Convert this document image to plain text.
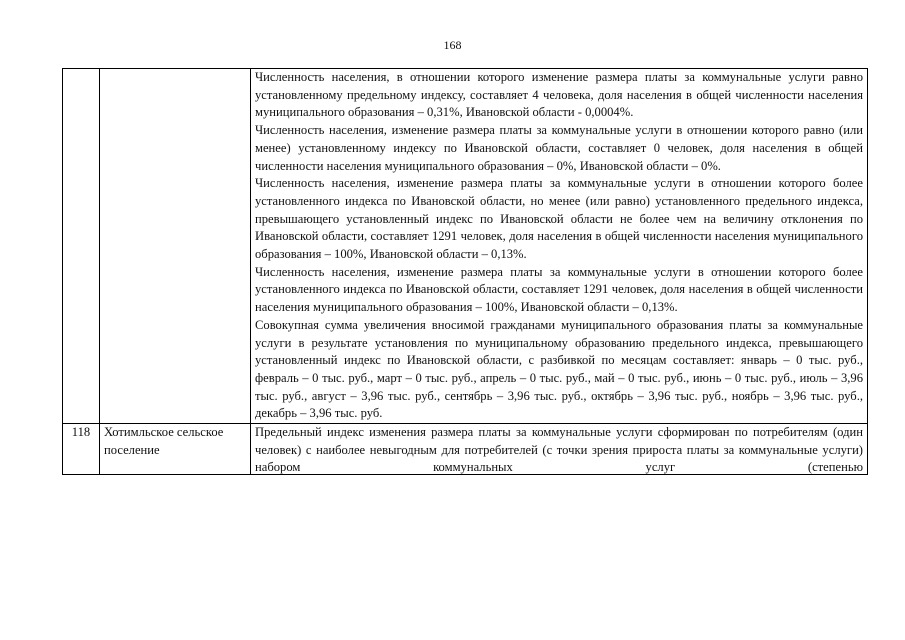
168

		Численность населения, в отношении которого изменение размера платы за коммунальные услуги равно установленному предельному индексу, составляет 4 человека, доля населения в общей численности населения муниципального образования – 0,31%, Ивановской области - 0,0004%.

Численность населения, изменение размера платы за коммунальные услуги в отношении которого равно (или менее) установленному индексу по Ивановской области, составляет 0 человек, доля населения в общей численности населения муниципального образования – 0%, Ивановской области – 0%.

Численность населения, изменение размера платы за коммунальные услуги в отношении которого более установленного индекса по Ивановской области, но менее (или равно) установленного предельного индекса, превышающего установленный индекс по Ивановской области не более чем на величину отклонения по Ивановской области, составляет 1291 человек, доля населения в общей численности населения муниципального образования – 100%, Ивановской области – 0,13%.

Численность населения, изменение размера платы за коммунальные услуги в отношении которого более установленного индекса по Ивановской области, составляет 1291 человек, доля населения в общей численности населения муниципального образования – 100%, Ивановской области – 0,13%.

Совокупная сумма увеличения вносимой гражданами муниципального образования платы за коммунальные услуги в результате установления по муниципальному образованию предельного индекса, превышающего установленный индекс по Ивановской области, с разбивкой по месяцам составляет: январь – 0 тыс. руб., февраль – 0 тыс. руб., март – 0 тыс. руб., апрель – 0 тыс. руб., май – 0 тыс. руб., июнь – 0 тыс. руб., июль – 3,96 тыс. руб., август – 3,96 тыс. руб., сентябрь – 3,96 тыс. руб., октябрь – 3,96 тыс. руб., ноябрь – 3,96 тыс. руб., декабрь – 3,96 тыс. руб.

118	Хотимльское сельское поселение	Предельный индекс изменения размера платы за коммунальные услуги сформирован по потребителям (один человек) с наиболее невыгодным для потребителей (с точки зрения прироста платы за коммунальные услуги) набором коммунальных услуг (степенью
